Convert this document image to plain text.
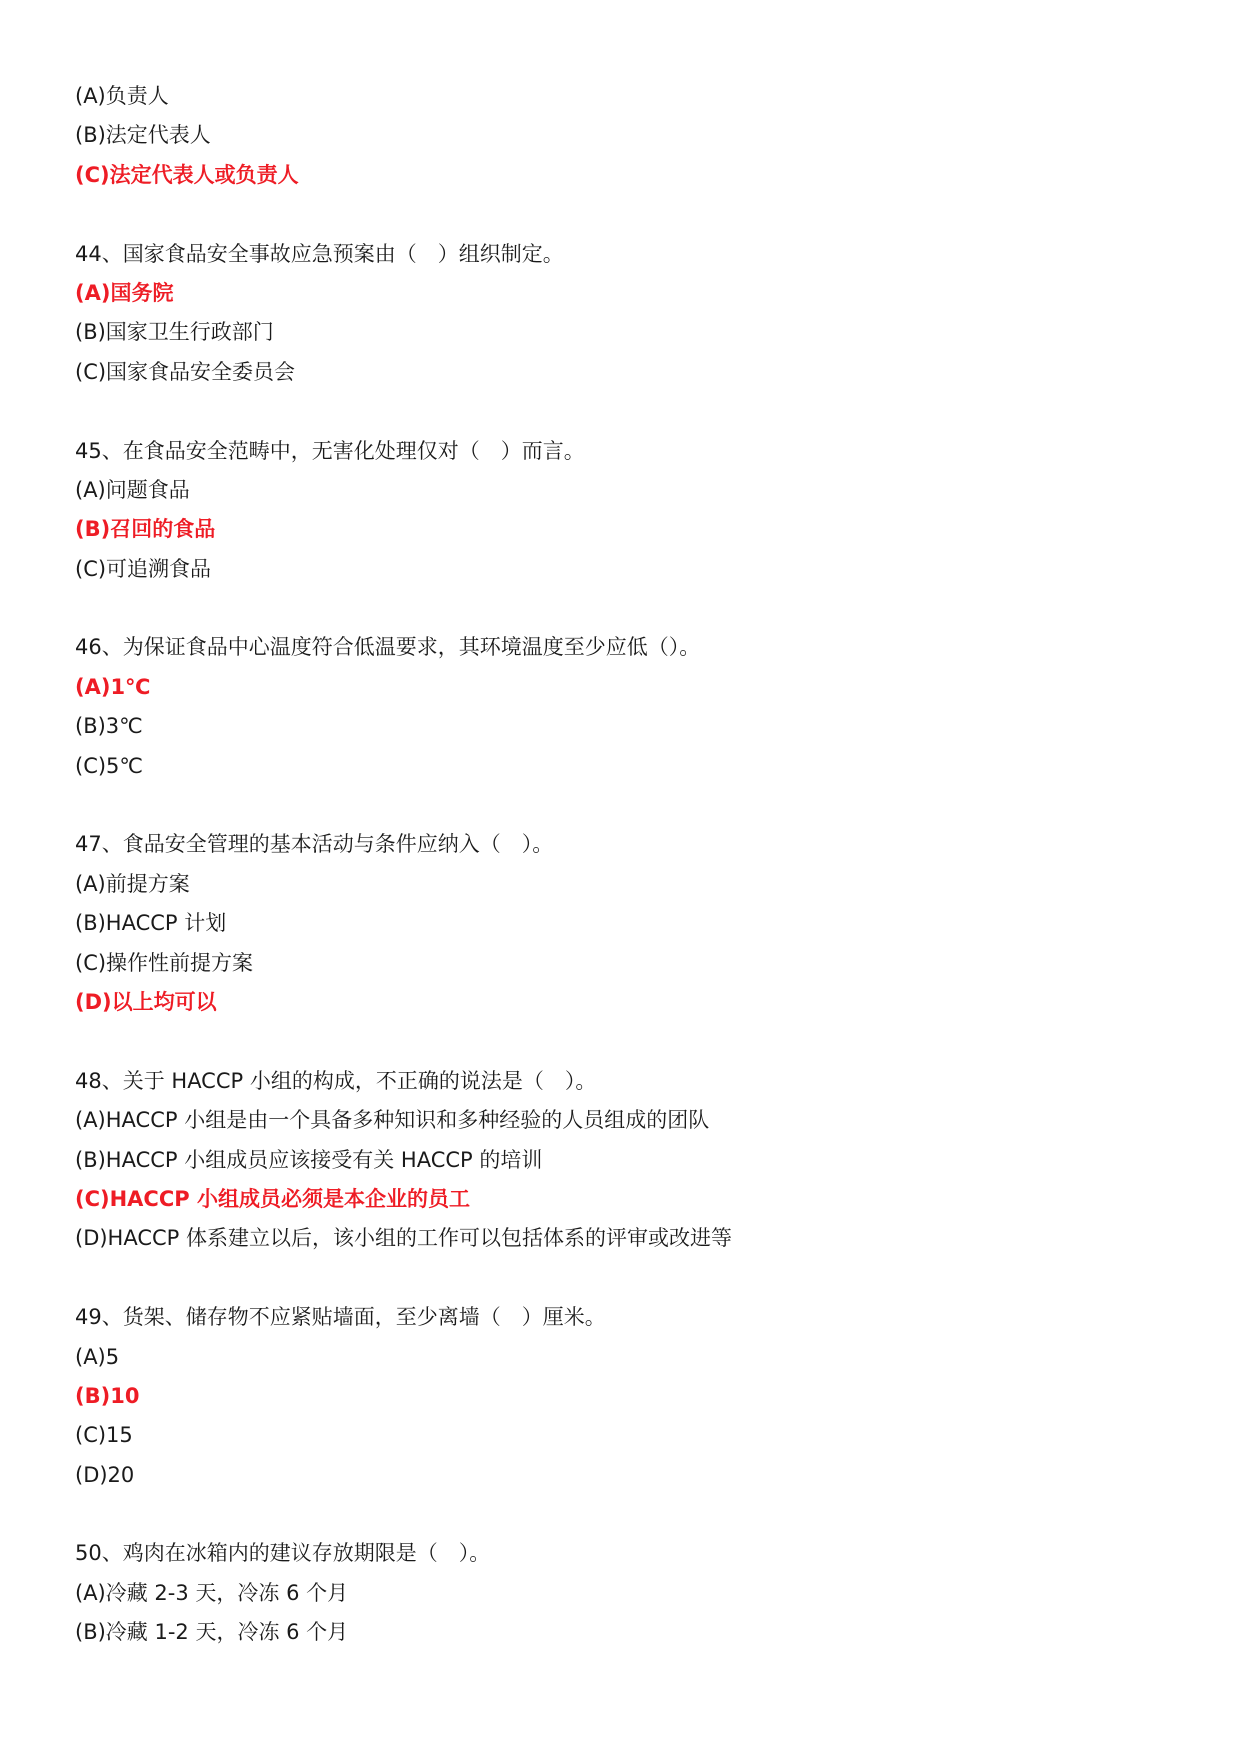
(A)负责人
(B)法定代表人
(C)法定代表人或负责人
44、国家食品安全事故应急预案由（　）组织制定。
(A)国务院
(B)国家卫生行政部门
(C)国家食品安全委员会
45、在食品安全范畴中，无害化处理仅对（　）而言。
(A)问题食品
(B)召回的食品
(C)可追溯食品
46、为保证食品中心温度符合低温要求，其环境温度至少应低（）。
(A)1℃
(B)3℃
(C)5℃
47、食品安全管理的基本活动与条件应纳入（　）。
(A)前提方案
(B)HACCP 计划
(C)操作性前提方案
(D)以上均可以
48、关于 HACCP 小组的构成，不正确的说法是（　）。
(A)HACCP 小组是由一个具备多种知识和多种经验的人员组成的团队
(B)HACCP 小组成员应该接受有关 HACCP 的培训
(C)HACCP 小组成员必须是本企业的员工
(D)HACCP 体系建立以后，该小组的工作可以包括体系的评审或改进等
49、货架、储存物不应紧贴墙面，至少离墙（　）厘米。
(A)5
(B)10
(C)15
(D)20
50、鸡肉在冰箱内的建议存放期限是（　）。
(A)冷藏 2-3 天，冷冻 6 个月
(B)冷藏 1-2 天，冷冻 6 个月
